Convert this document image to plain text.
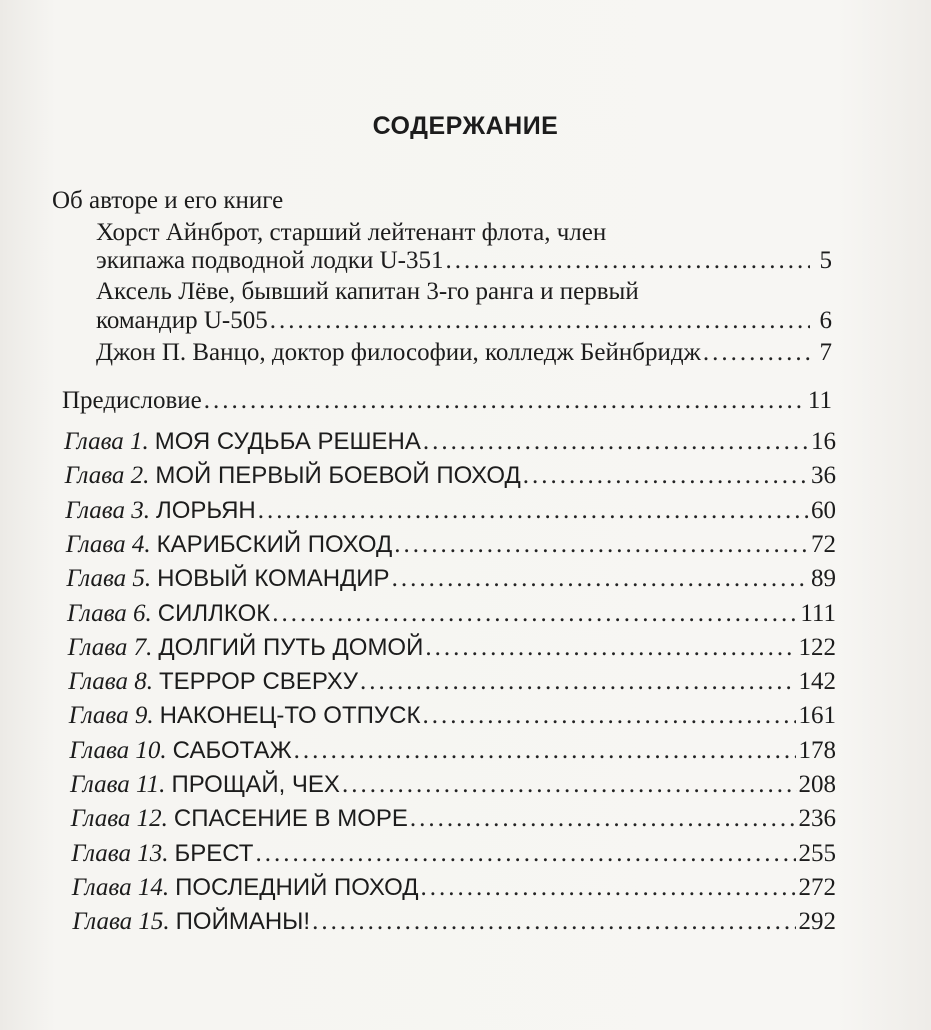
СОДЕРЖАНИЕ
Об авторе и его книге
Хорст Айнброт, старший лейтенант флота, член
экипажа подводной лодки U-351 .....	5
Аксель Лёве, бывший капитан 3-го ранга и первый
командир U-505 .....	6
Джон П. Ванцо, доктор философии, колледж Бейнбридж .....	7
Предисловие .....	11
Глава 1. МОЯ СУДЬБА РЕШЕНА .....	16
Глава 2. МОЙ ПЕРВЫЙ БОЕВОЙ ПОХОД .....	36
Глава 3. ЛОРЬЯН .....	60
Глава 4. КАРИБСКИЙ ПОХОД .....	72
Глава 5. НОВЫЙ КОМАНДИР .....	89
Глава 6. СИЛЛКОК .....	111
Глава 7. ДОЛГИЙ ПУТЬ ДОМОЙ .....	122
Глава 8. ТЕРРОР СВЕРХУ .....	142
Глава 9. НАКОНЕЦ-ТО ОТПУСК .....	161
Глава 10. САБОТАЖ .....	178
Глава 11. ПРОЩАЙ, ЧЕХ .....	208
Глава 12. СПАСЕНИЕ В МОРЕ .....	236
Глава 13. БРЕСТ .....	255
Глава 14. ПОСЛЕДНИЙ ПОХОД .....	272
Глава 15. ПОЙМАНЫ! .....	292
